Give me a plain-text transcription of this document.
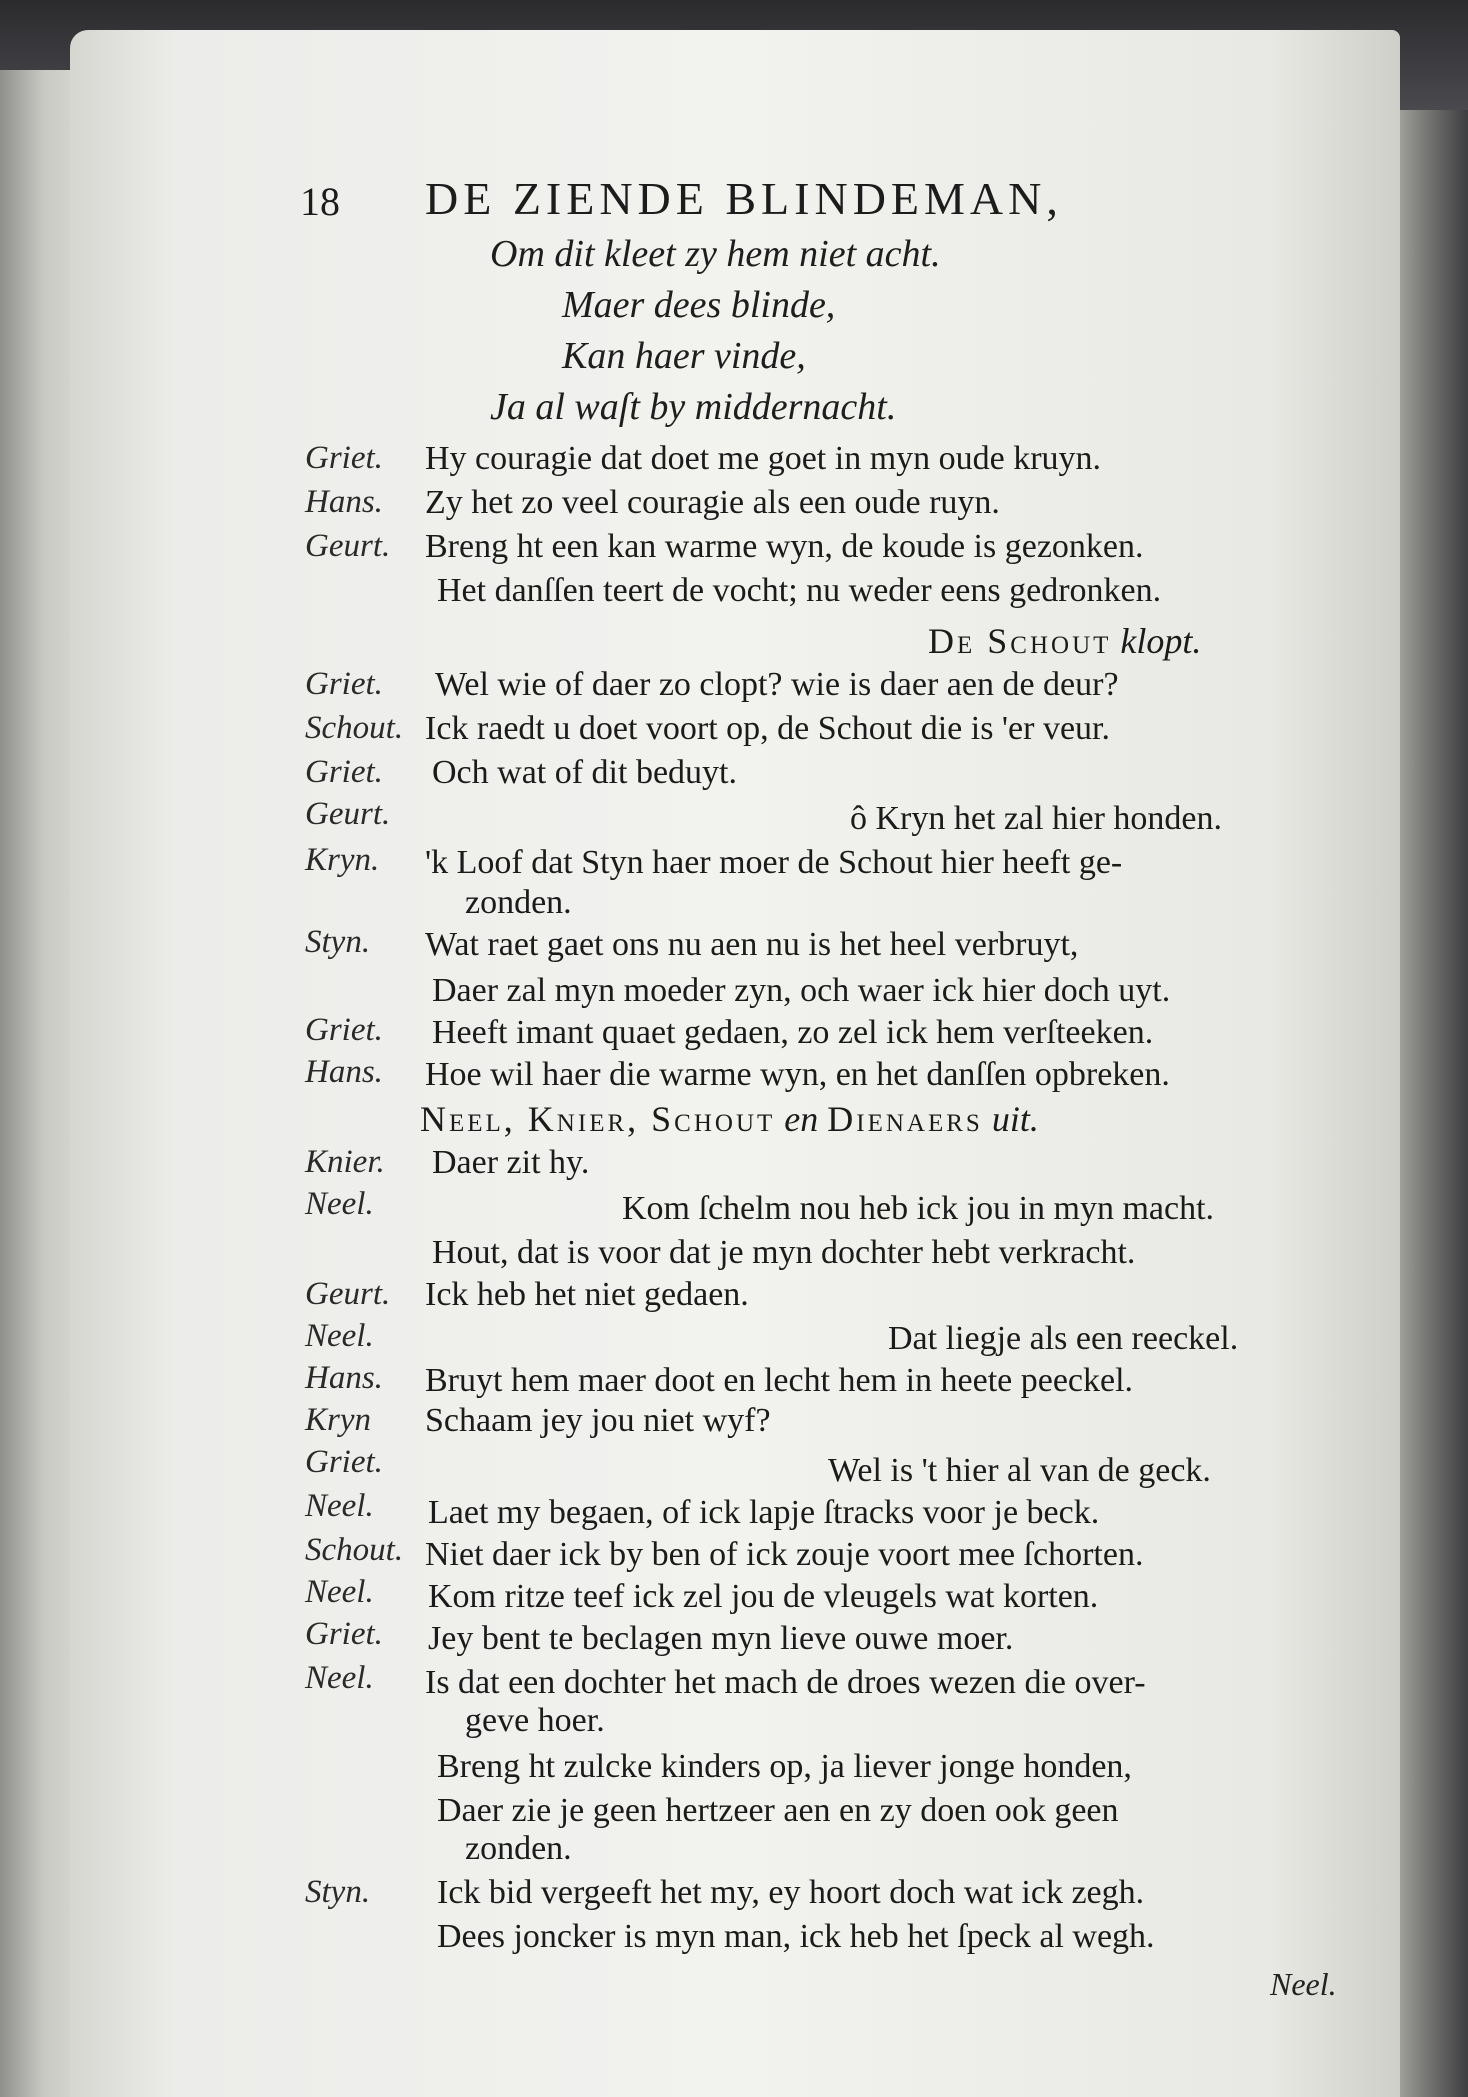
18 DE ZIENDE BLINDEMAN,
Om dit kleet zy hem niet acht.
Maer dees blinde,
Kan haer vinde,
Ja al waſt by middernacht.
Griet. Hy couragie dat doet me goet in myn oude kruyn.
Hans. Zy het zo veel couragie als een oude ruyn.
Geurt. Breng ht een kan warme wyn, de koude is gezonken.
Het danſſen teert de vocht; nu weder eens gedronken.
De Schout klopt.
Griet. Wel wie of daer zo clopt? wie is daer aen de deur?
Schout. Ick raedt u doet voort op, de Schout die is 'er veur.
Griet. Och wat of dit beduyt.
Geurt.	ô Kryn het zal hier honden.
Kryn. 'k Loof dat Styn haer moer de Schout hier heeft ge-
zonden.
Styn. Wat raet gaet ons nu aen nu is het heel verbruyt,
Daer zal myn moeder zyn, och waer ick hier doch uyt.
Griet. Heeft imant quaet gedaen, zo zel ick hem verſteeken.
Hans. Hoe wil haer die warme wyn, en het danſſen opbreken.
Neel, Knier, Schout en Dienaers uit.
Knier. Daer zit hy.
Neel.	Kom ſchelm nou heb ick jou in myn macht.
Hout, dat is voor dat je myn dochter hebt verkracht.
Geurt. Ick heb het niet gedaen.
Neel.	Dat liegje als een reeckel.
Hans. Bruyt hem maer doot en lecht hem in heete peeckel.
Kryn Schaam jey jou niet wyf?
Griet.	Wel is 't hier al van de geck.
Neel. Laet my begaen, of ick lapje ſtracks voor je beck.
Schout. Niet daer ick by ben of ick zouje voort mee ſchorten.
Neel. Kom ritze teef ick zel jou de vleugels wat korten.
Griet. Jey bent te beclagen myn lieve ouwe moer.
Neel. Is dat een dochter het mach de droes wezen die over-
geve hoer.
Breng ht zulcke kinders op, ja liever jonge honden,
Daer zie je geen hertzeer aen en zy doen ook geen
zonden.
Styn. Ick bid vergeeft het my, ey hoort doch wat ick zegh.
Dees joncker is myn man, ick heb het ſpeck al wegh.
Neel.
